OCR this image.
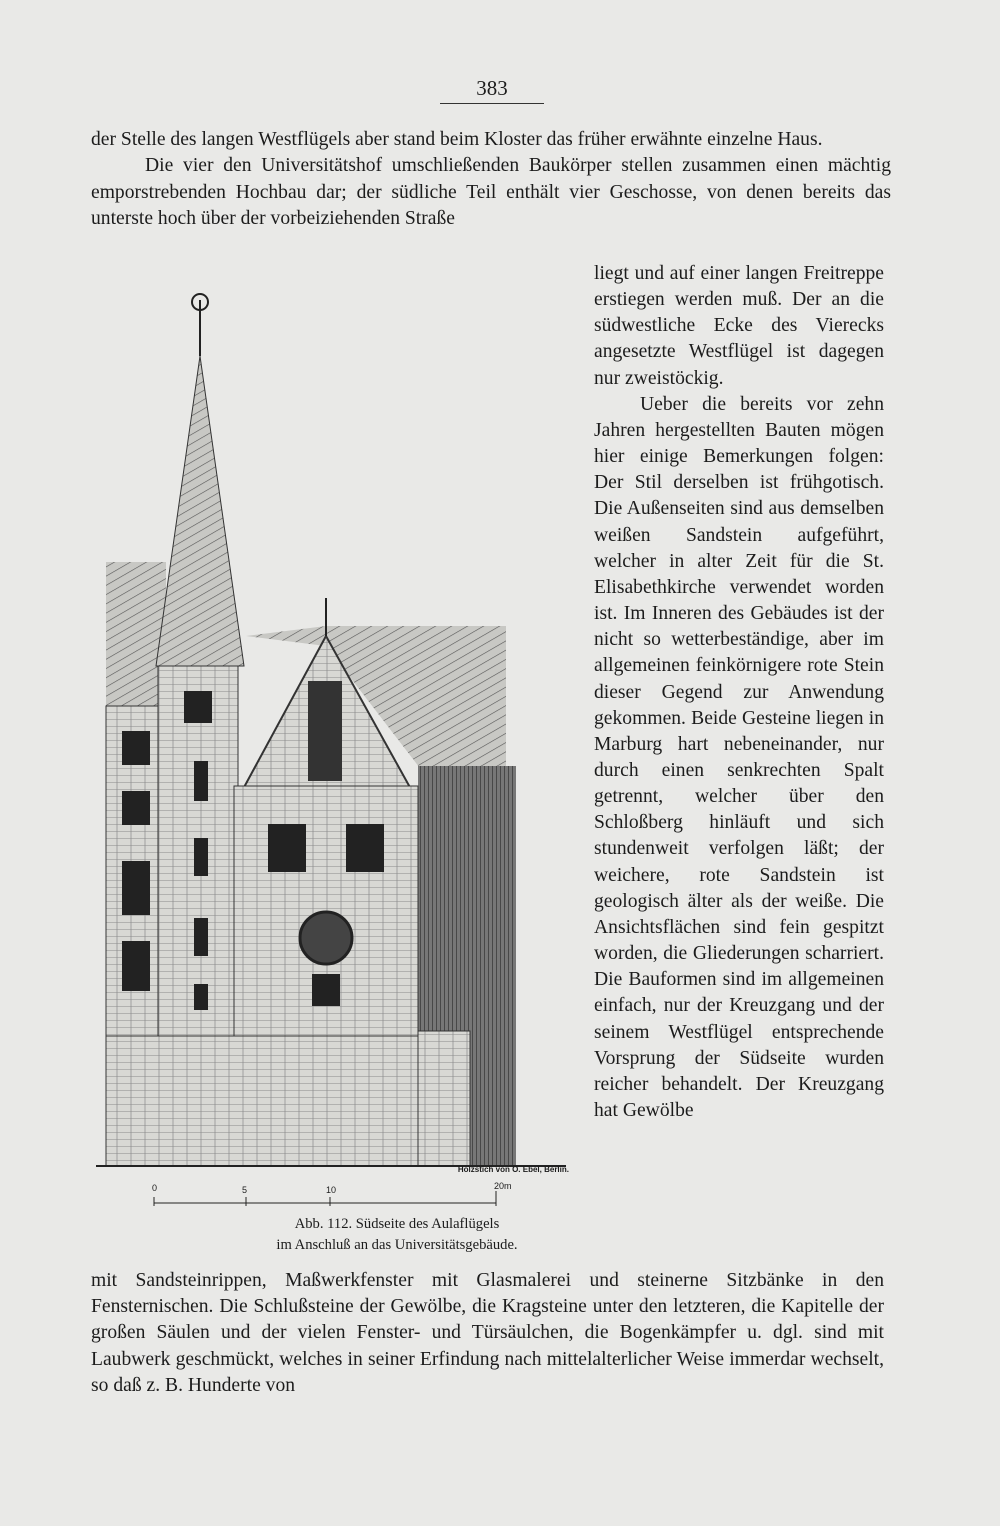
383

der Stelle des langen Westflügels aber stand beim Kloster das früher erwähnte einzelne Haus.

Die vier den Universitätshof umschließenden Baukörper stellen zusammen einen mächtig emporstrebenden Hochbau dar; der südliche Teil enthält vier Geschosse, von denen bereits das unterste hoch über der vorbeiziehenden Straße

liegt und auf einer langen Freitreppe erstiegen werden muß. Der an die südwestliche Ecke des Vierecks angesetzte Westflügel ist dagegen nur zweistöckig.

Ueber die bereits vor zehn Jahren hergestellten Bauten mögen hier einige Bemerkungen folgen: Der Stil derselben ist frühgotisch. Die Außenseiten sind aus demselben weißen Sandstein aufgeführt, welcher in alter Zeit für die St. Elisabethkirche verwendet worden ist. Im Inneren des Gebäudes ist der nicht so wetterbeständige, aber im allgemeinen feinkörnigere rote Stein dieser Gegend zur Anwendung gekommen. Beide Gesteine liegen in Marburg hart nebeneinander, nur durch einen senkrechten Spalt getrennt, welcher über den Schloßberg hinläuft und sich stundenweit verfolgen läßt; der weichere, rote Sandstein ist geologisch älter als der weiße. Die Ansichtsflächen sind fein gespitzt worden, die Gliederungen scharriert. Die Bauformen sind im allgemeinen einfach, nur der Kreuzgang und der seinem Westflügel entsprechende Vorsprung der Südseite wurden reicher behandelt. Der Kreuzgang hat Gewölbe

Holzstich von O. Ebel, Berlin.
0	5	10	20m
Abb. 112. Südseite des Aulaflügels
im Anschluß an das Universitätsgebäude.
mit Sandsteinrippen, Maßwerkfenster mit Glasmalerei und steinerne Sitzbänke in den Fensternischen. Die Schlußsteine der Gewölbe, die Kragsteine unter den letzteren, die Kapitelle der großen Säulen und der vielen Fenster- und Türsäulchen, die Bogenkämpfer u. dgl. sind mit Laubwerk geschmückt, welches in seiner Erfindung nach mittelalterlicher Weise immerdar wechselt, so daß z. B. Hunderte von
